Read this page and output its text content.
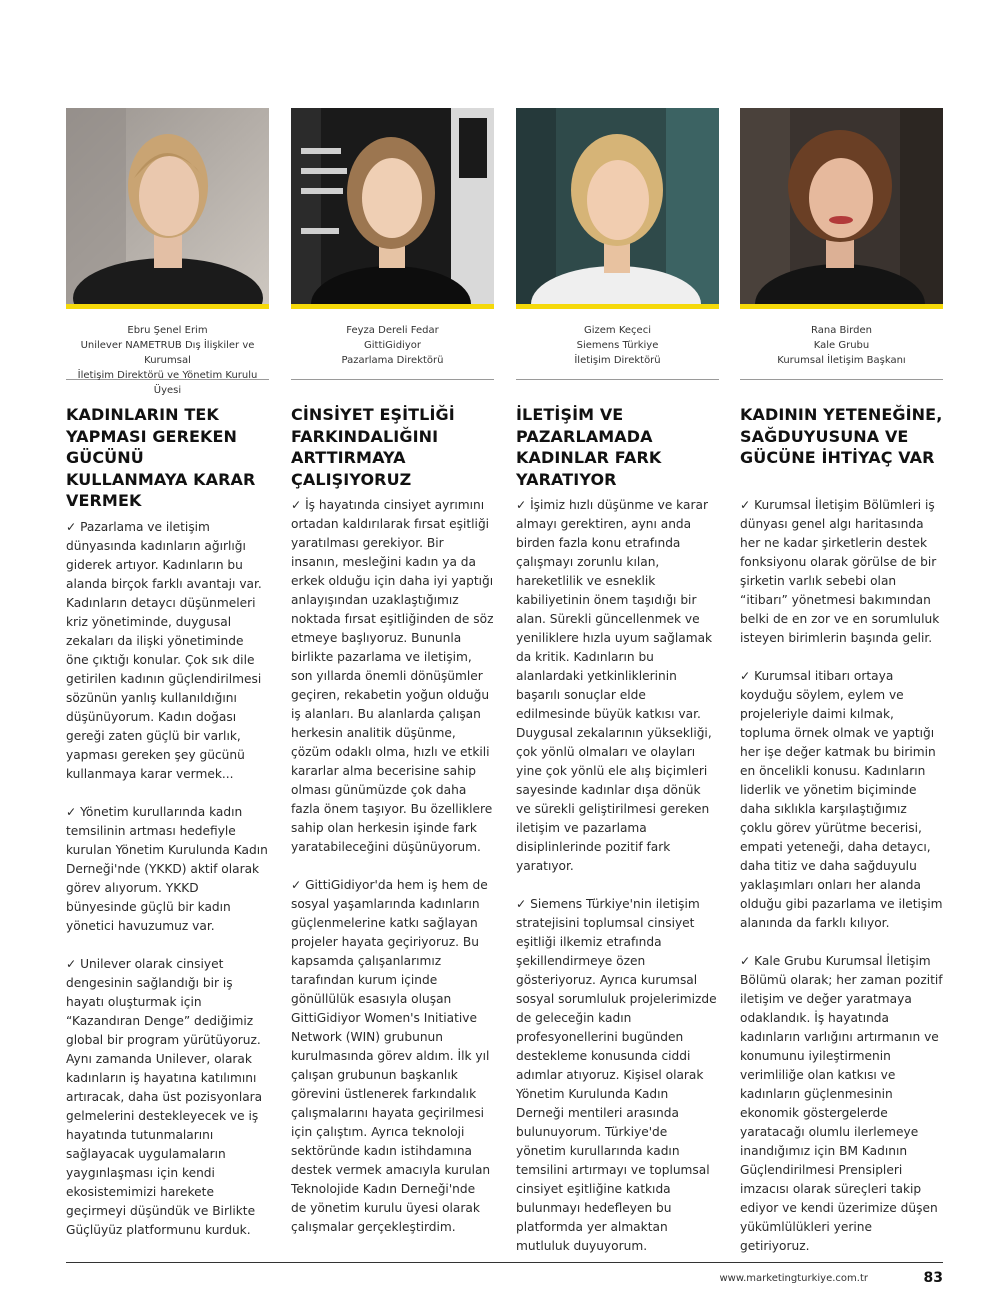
Ebru Şenel Erim
Unilever NAMETRUB Dış İlişkiler ve Kurumsal
İletişim Direktörü ve Yönetim Kurulu Üyesi
KADINLARIN TEK YAPMASI GEREKEN GÜCÜNÜ KULLANMAYA KARAR VERMEK

✓ Pazarlama ve iletişim dünyasında kadınların ağırlığı giderek artıyor. Kadınların bu alanda birçok farklı avantajı var. Kadınların detaycı düşünmeleri kriz yönetiminde, duygusal zekaları da ilişki yönetiminde öne çıktığı konular. Çok sık dile getirilen kadının güçlendirilmesi sözünün yanlış kullanıldığını düşünüyorum. Kadın doğası gereği zaten güçlü bir varlık, yapması gereken şey gücünü kullanmaya karar vermek...

✓ Yönetim kurullarında kadın temsilinin artması hedefiyle kurulan Yönetim Kurulunda Kadın Derneği'nde (YKKD) aktif olarak görev alıyorum. YKKD bünyesinde güçlü bir kadın yönetici havuzumuz var.

✓ Unilever olarak cinsiyet dengesinin sağlandığı bir iş hayatı oluşturmak için “Kazandıran Denge” dediğimiz global bir program yürütüyoruz. Aynı zamanda Unilever, olarak kadınların iş hayatına katılımını artıracak, daha üst pozisyonlara gelmelerini destekleyecek ve iş hayatında tutunmalarını sağlayacak uygulamaların yaygınlaşması için kendi ekosistemimizi harekete geçirmeyi düşündük ve Birlikte Güçlüyüz platformunu kurduk.

Feyza Dereli Fedar
GittiGidiyor
Pazarlama Direktörü
CİNSİYET EŞİTLİĞİ FARKINDALIĞINI ARTTIRMAYA ÇALIŞIYORUZ

✓ İş hayatında cinsiyet ayrımını ortadan kaldırılarak fırsat eşitliği yaratılması gerekiyor. Bir insanın, mesleğini kadın ya da erkek olduğu için daha iyi yaptığı anlayışından uzaklaştığımız noktada fırsat eşitliğinden de söz etmeye başlıyoruz. Bununla birlikte pazarlama ve iletişim, son yıllarda önemli dönüşümler geçiren, rekabetin yoğun olduğu iş alanları. Bu alanlarda çalışan herkesin analitik düşünme, çözüm odaklı olma, hızlı ve etkili kararlar alma becerisine sahip olması günümüzde çok daha fazla önem taşıyor. Bu özelliklere sahip olan herkesin işinde fark yaratabileceğini düşünüyorum.

✓ GittiGidiyor'da hem iş hem de sosyal yaşamlarında kadınların güçlenmelerine katkı sağlayan projeler hayata geçiriyoruz. Bu kapsamda çalışanlarımız tarafından kurum içinde gönüllülük esasıyla oluşan GittiGidiyor Women's Initiative Network (WIN) grubunun kurulmasında görev aldım. İlk yıl çalışan grubunun başkanlık görevini üstlenerek farkındalık çalışmalarını hayata geçirilmesi için çalıştım. Ayrıca teknoloji sektöründe kadın istihdamına destek vermek amacıyla kurulan Teknolojide Kadın Derneği'nde de yönetim kurulu üyesi olarak çalışmalar gerçekleştirdim.

Gizem Keçeci
Siemens Türkiye
İletişim Direktörü
İLETİŞİM VE PAZARLAMADA KADINLAR FARK YARATIYOR

✓ İşimiz hızlı düşünme ve karar almayı gerektiren, aynı anda birden fazla konu etrafında çalışmayı zorunlu kılan, hareketlilik ve esneklik kabiliyetinin önem taşıdığı bir alan. Sürekli güncellenmek ve yeniliklere hızla uyum sağlamak da kritik. Kadınların bu alanlardaki yetkinliklerinin başarılı sonuçlar elde edilmesinde büyük katkısı var. Duygusal zekalarının yüksekliği, çok yönlü olmaları ve olayları yine çok yönlü ele alış biçimleri sayesinde kadınlar dışa dönük ve sürekli geliştirilmesi gereken iletişim ve pazarlama disiplinlerinde pozitif fark yaratıyor.

✓ Siemens Türkiye'nin iletişim stratejisini toplumsal cinsiyet eşitliği ilkemiz etrafında şekillendirmeye özen gösteriyoruz. Ayrıca kurumsal sosyal sorumluluk projelerimizde de geleceğin kadın profesyonellerini bugünden destekleme konusunda ciddi adımlar atıyoruz. Kişisel olarak Yönetim Kurulunda Kadın Derneği mentileri arasında bulunuyorum. Türkiye'de yönetim kurullarında kadın temsilini artırmayı ve toplumsal cinsiyet eşitliğine katkıda bulunmayı hedefleyen bu platformda yer almaktan mutluluk duyuyorum.

Rana Birden
Kale Grubu
Kurumsal İletişim Başkanı
KADININ YETENEĞİNE, SAĞDUYUSUNA VE GÜCÜNE İHTİYAÇ VAR

✓ Kurumsal İletişim Bölümleri iş dünyası genel algı haritasında her ne kadar şirketlerin destek fonksiyonu olarak görülse de bir şirketin varlık sebebi olan “itibarı” yönetmesi bakımından belki de en zor ve en sorumluluk isteyen birimlerin başında gelir.

✓ Kurumsal itibarı ortaya koyduğu söylem, eylem ve projeleriyle daimi kılmak, topluma örnek olmak ve yaptığı her işe değer katmak bu birimin en öncelikli konusu. Kadınların liderlik ve yönetim biçiminde daha sıklıkla karşılaştığımız çoklu görev yürütme becerisi, empati yeteneği, daha detaycı, daha titiz ve daha sağduyulu yaklaşımları onları her alanda olduğu gibi pazarlama ve iletişim alanında da farklı kılıyor.

✓ Kale Grubu Kurumsal İletişim Bölümü olarak; her zaman pozitif iletişim ve değer yaratmaya odaklandık. İş hayatında kadınların varlığını artırmanın ve konumunu iyileştirmenin verimliliğe olan katkısı ve kadınların güçlenmesinin ekonomik göstergelerde yaratacağı olumlu ilerlemeye inandığımız için BM Kadının Güçlendirilmesi Prensipleri imzacısı olarak süreçleri takip ediyor ve kendi üzerimize düşen yükümlülükleri yerine getiriyoruz.

www.marketingturkiye.com.tr	83
